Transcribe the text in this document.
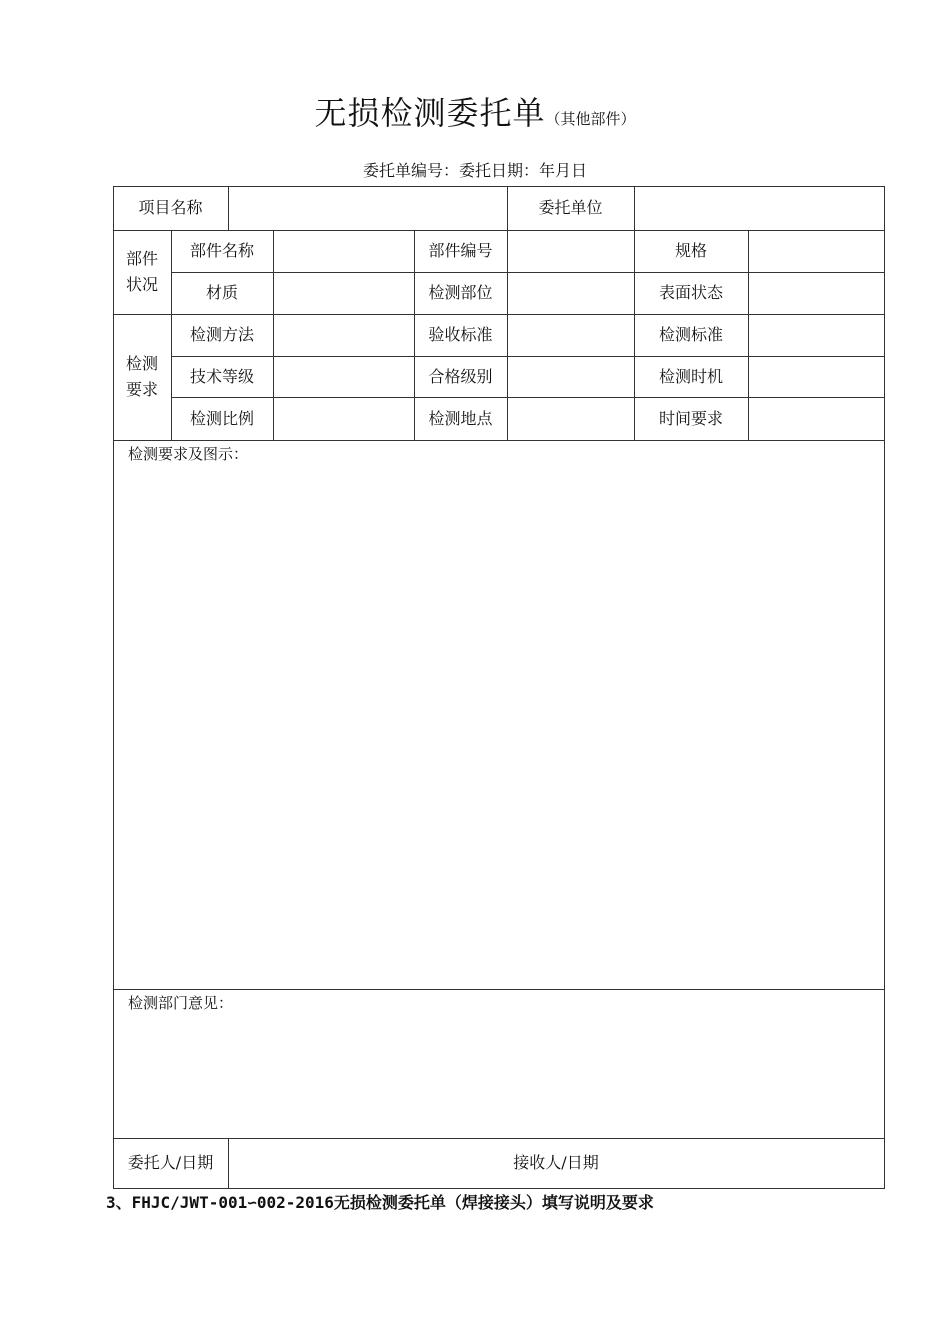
无损检测委托单（其他部件）
委托单编号：委托日期：年月日
项目名称	委托单位
部件
状况
部件名称	部件编号	规格
材质	检测部位	表面状态
检测
要求
检测方法	验收标准	检测标准
技术等级	合格级别	检测时机
检测比例	检测地点	时间要求
检测要求及图示：
检测部门意见：
委托人/日期	接收人/日期
3、FHJC/JWT-001∽002-2016无损检测委托单（焊接接头）填写说明及要求
